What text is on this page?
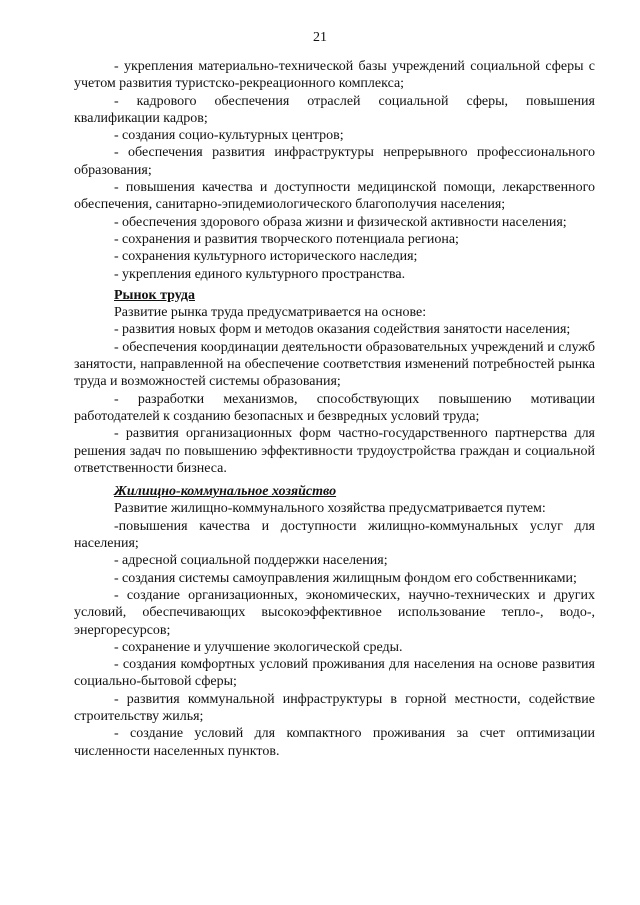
21

- укрепления материально-технической базы учреждений социальной сферы с учетом развития туристско-рекреационного комплекса;

- кадрового обеспечения отраслей социальной сферы, повышения квалификации кадров;

- создания социо-культурных центров;

- обеспечения развития инфраструктуры непрерывного профессионального образования;

- повышения качества и доступности медицинской помощи, лекарственного обеспечения, санитарно-эпидемиологического благополучия населения;

- обеспечения здорового образа жизни и физической активности населения;

- сохранения и развития творческого потенциала региона;

- сохранения культурного исторического наследия;

- укрепления единого культурного пространства.

Рынок труда

Развитие рынка труда предусматривается на основе:

- развития новых форм и методов оказания содействия занятости населения;

- обеспечения координации деятельности образовательных учреждений и служб занятости, направленной на обеспечение соответствия изменений потребностей рынка труда и возможностей системы образования;

- разработки механизмов, способствующих повышению мотивации работодателей к созданию безопасных и безвредных условий труда;

- развития организационных форм частно-государственного партнерства для решения задач по повышению эффективности трудоустройства граждан и социальной ответственности бизнеса.

Жилищно-коммунальное хозяйство

Развитие жилищно-коммунального хозяйства предусматривается путем:

-повышения качества и доступности жилищно-коммунальных услуг для населения;

- адресной социальной поддержки населения;

- создания системы самоуправления жилищным фондом его собственниками;

- создание организационных, экономических, научно-технических и других условий, обеспечивающих высокоэффективное использование тепло-, водо-, энергоресурсов;

- сохранение и улучшение экологической среды.

- создания комфортных условий проживания для населения на основе развития социально-бытовой сферы;

- развития коммунальной инфраструктуры в горной местности, содействие строительству жилья;

- создание условий для компактного проживания за счет оптимизации численности населенных пунктов.
